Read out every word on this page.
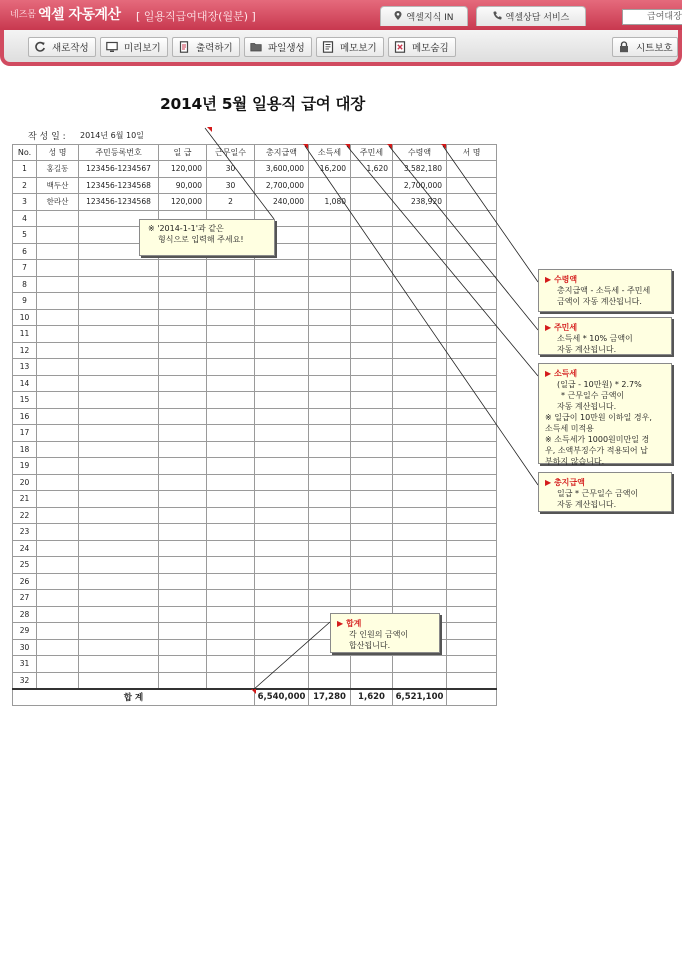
네즈몸 엑셀 자동계산 [ 일용직급여대장(월분) ]	엑셀지식 IN	엑셀상담 서비스	급여대장
새로작성	미리보기	출력하기	파일생성	메모보기	메모숨김	시트보호
2014년 5월 일용직 급여 대장
작 성 일 : 2014년 6월 10일
No.	성 명	주민등록번호	일 급	근무일수	총지급액	소득세	주민세	수령액	서 명
1	홍길동	123456-1234567	120,000	30	3,600,000	16,200	1,620	3,582,180	
2	백두산	123456-1234568	90,000	30	2,700,000			2,700,000	
3	한라산	123456-1234568	120,000	2	240,000	1,080		238,920	
4									
5									
6									
7									
8									
9									
10									
11									
12									
13									
14									
15									
16									
17									
18									
19									
20									
21									
22									
23									
24									
25									
26									
27									
28									
29									
30									
31									
32									
합 계					6,540,000	17,280	1,620	6,521,100	
※ '2014-1-1'과 같은
형식으로 입력해 주세요!
▶ 수령액
총지급액 - 소득세 - 주민세
금액이 자동 계산됩니다.
▶ 주민세
소득세 * 10% 금액이
자동 계산됩니다.
▶ 소득세
(일급 - 10만원) * 2.7%
* 근무일수 금액이
자동 계산됩니다.
※ 일급이 10만원 이하일 경우,
소득세 미적용
※ 소득세가 1000원미만일 경
우, 소액부징수가 적용되어 납
부하지 않습니다.
▶ 총지급액
일급 * 근무일수 금액이
자동 계산됩니다.
▶ 합계
각 인원의 금액이
합산됩니다.
